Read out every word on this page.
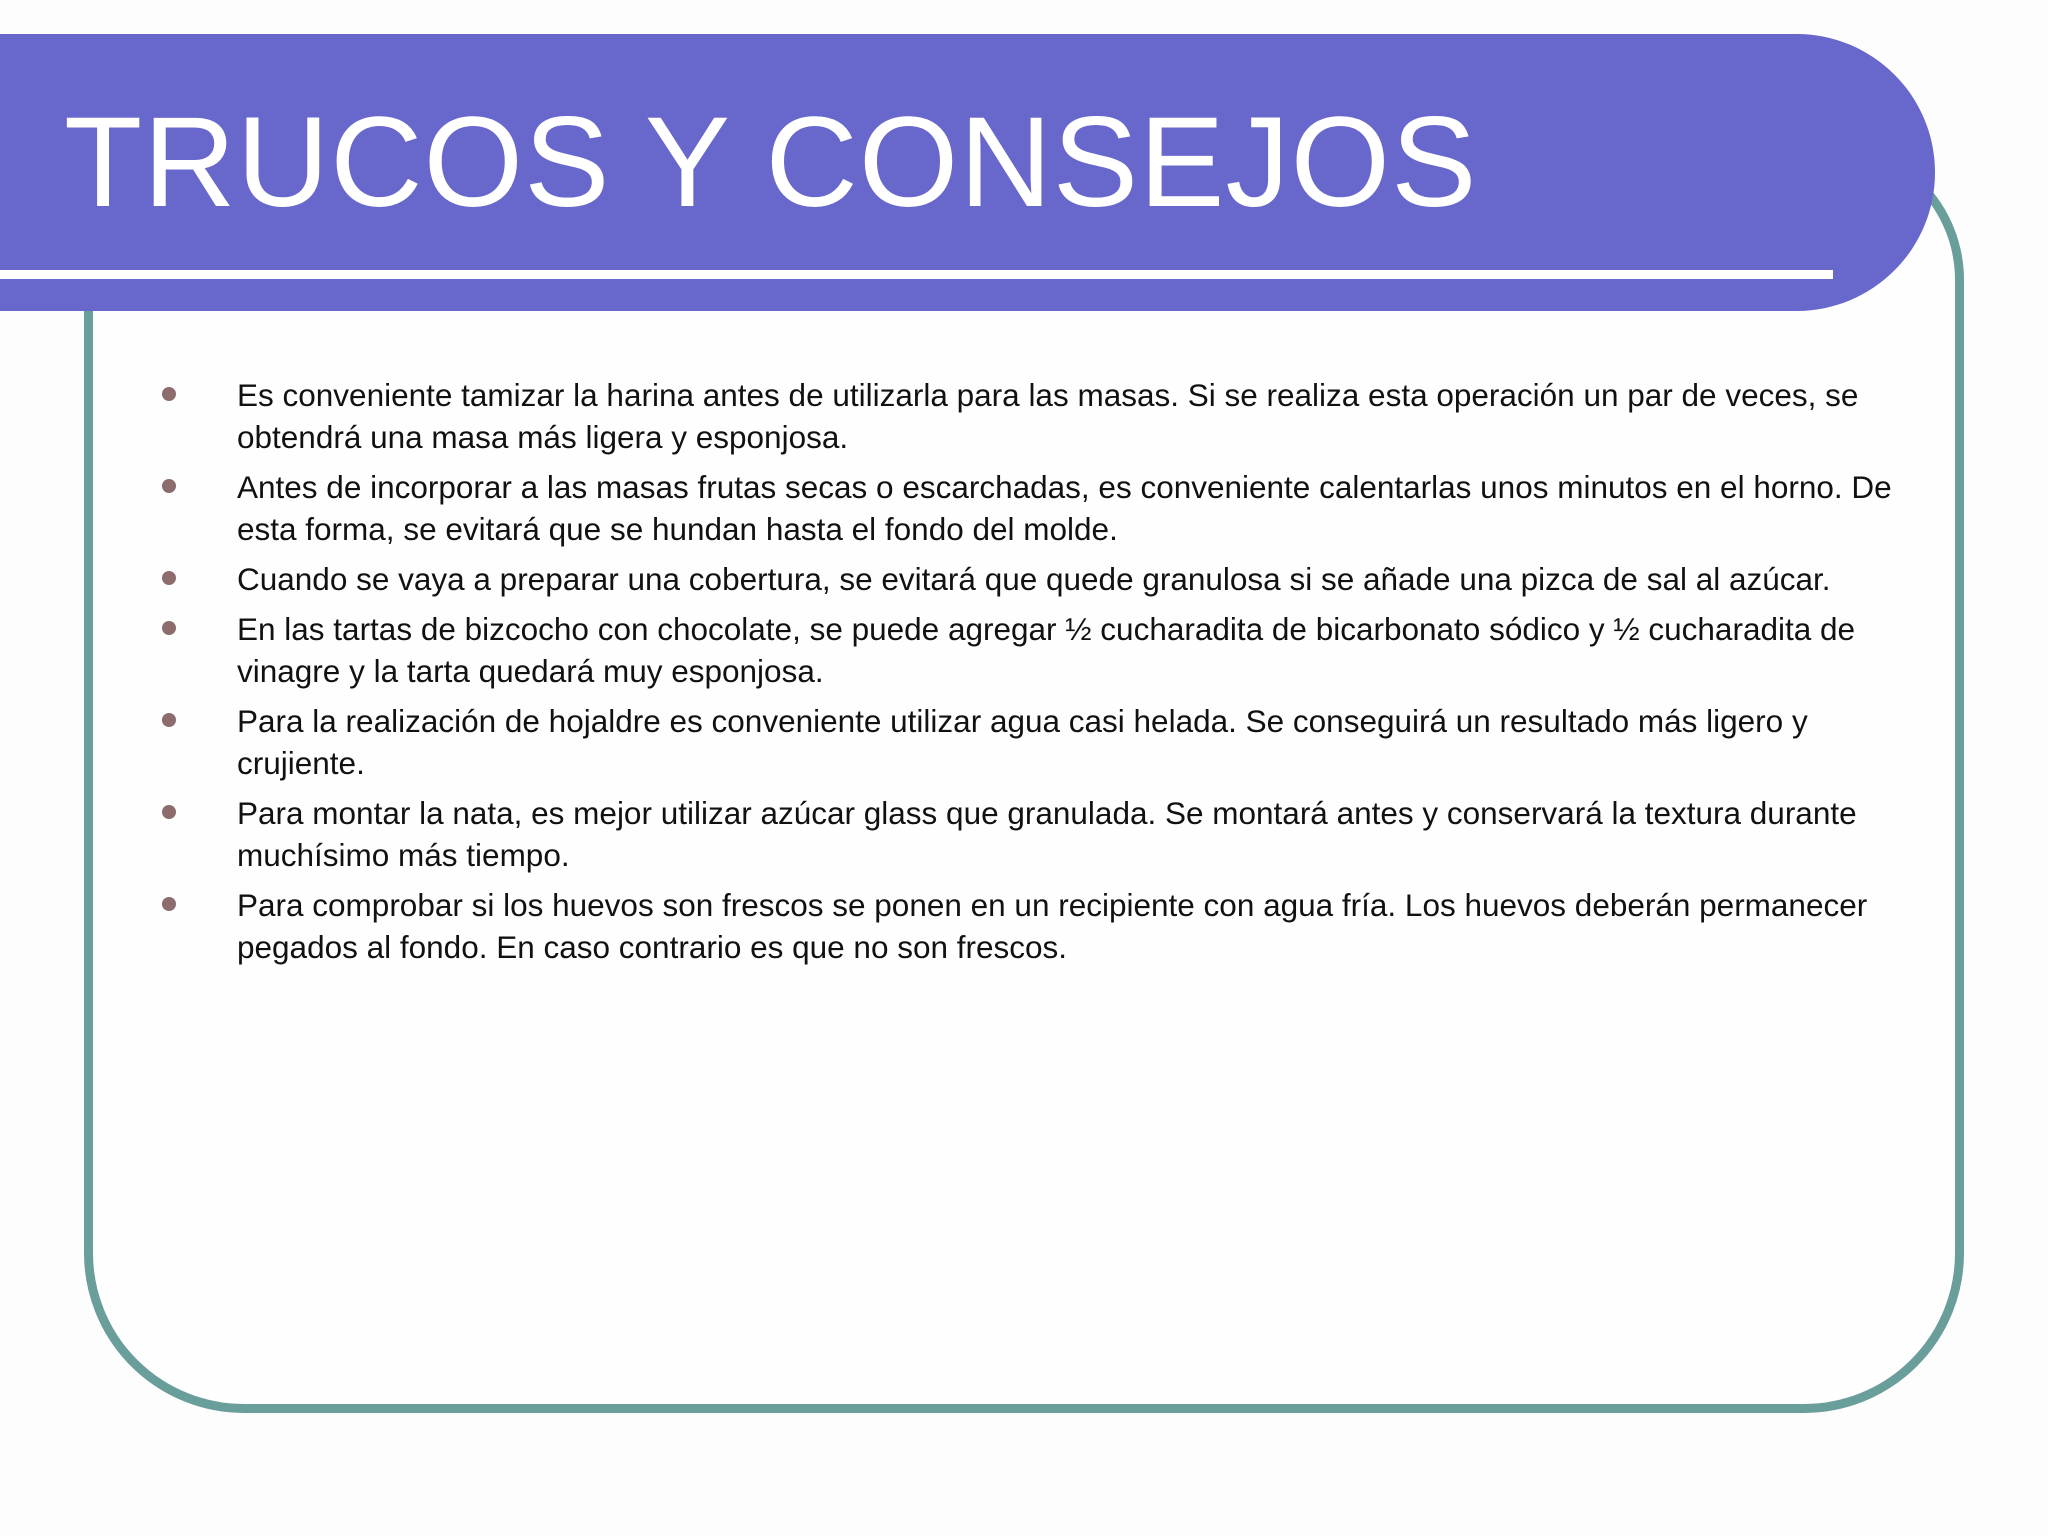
TRUCOS Y CONSEJOS
Es conveniente tamizar la harina antes de utilizarla para las masas. Si se realiza esta operación un par de veces, se obtendrá una masa más ligera y esponjosa.
Antes de incorporar a las masas frutas secas o escarchadas, es conveniente calentarlas unos minutos en el horno. De esta forma, se evitará que se hundan hasta el fondo del molde.
Cuando se vaya a preparar una cobertura, se evitará que quede granulosa si se añade una pizca de sal al azúcar.
En las tartas de bizcocho con chocolate, se puede agregar ½ cucharadita de bicarbonato sódico y ½ cucharadita de vinagre y la tarta quedará muy esponjosa.
Para la realización de hojaldre es conveniente utilizar agua casi helada. Se conseguirá un resultado más ligero y crujiente.
Para montar la nata, es mejor utilizar azúcar glass que granulada. Se montará antes y conservará la textura durante muchísimo más tiempo.
Para comprobar si los huevos son frescos se ponen en un recipiente con agua fría. Los huevos deberán permanecer pegados al fondo. En caso contrario es que no son frescos.
